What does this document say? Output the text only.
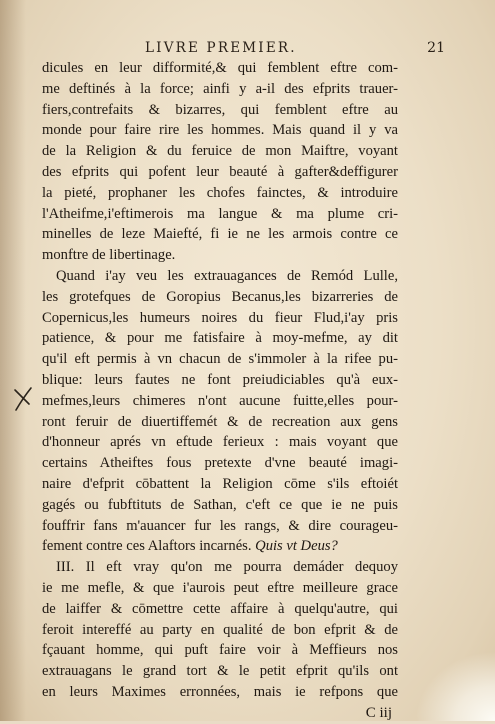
LIVRE PREMIER.	21
dicules en leur difformité,& qui femblent eftre com-
me deftinés à la force; ainfi y a-il des efprits trauer-
fiers,contrefaits & bizarres, qui femblent eftre au
monde pour faire rire les hommes. Mais quand il y va
de la Religion & du feruice de mon Maiftre, voyant
des efprits qui pofent leur beauté à gafter&deffigurer
la pieté, prophaner les chofes fainctes, & introduire
l'Atheifme,i'eftimerois ma langue & ma plume cri-
minelles de leze Maiefté, fi ie ne les armois contre ce
monftre de libertinage.
Quand i'ay veu les extrauagances de Remód Lulle,
les grotefques de Goropius Becanus,les bizarreries de
Copernicus,les humeurs noires du fieur Flud,i'ay pris
patience, & pour me fatisfaire à moy-mefme, ay dit
qu'il eft permis à vn chacun de s'immoler à la rifee pu-
blique: leurs fautes ne font preiudiciables qu'à eux-
mefmes,leurs chimeres n'ont aucune fuitte,elles pour-
ront feruir de diuertiffemét & de recreation aux gens
d'honneur aprés vn eftude ferieux : mais voyant que
certains Atheiftes fous pretexte d'vne beauté imagi-
naire d'efprit cōbattent la Religion cōme s'ils eftoiét
gagés ou fubftituts de Sathan, c'eft ce que ie ne puis
fouffrir fans m'auancer fur les rangs, & dire courageu-
fement contre ces Alaftors incarnés. Quis vt Deus?
III. Il eft vray qu'on me pourra demáder dequoy
ie me mefle, & que i'aurois peut eftre meilleure grace
de laiffer & cōmettre cette affaire à quelqu'autre, qui
feroit intereffé au party en qualité de bon efprit & de
fçauant homme, qui puft faire voir à Meffieurs nos
extrauagans le grand tort & le petit efprit qu'ils ont
en leurs Maximes erronnées, mais ie refpons que
C iij
